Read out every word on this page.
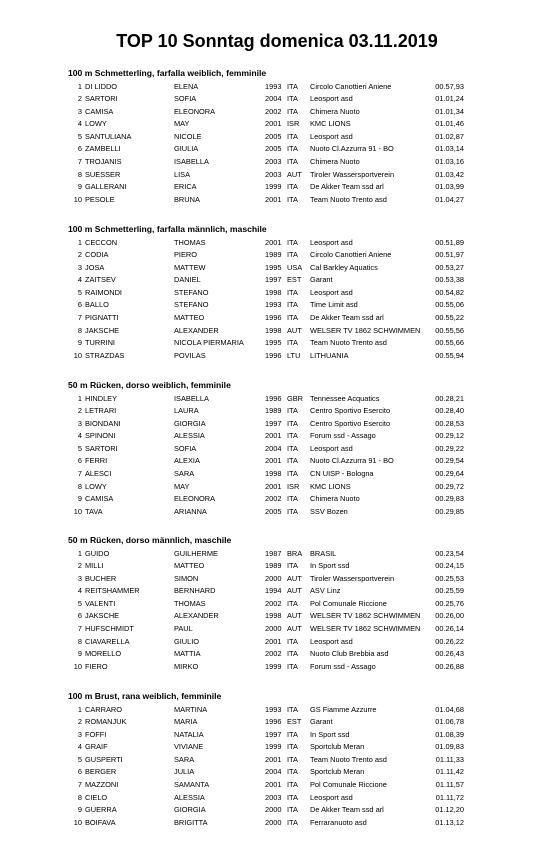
TOP 10 Sonntag domenica 03.11.2019
100 m Schmetterling, farfalla weiblich, femminile
1 DI LIDDO	ELENA	1993 ITA Circolo Canottieri Aniene	00.57,93
2 SARTORI	SOFIA	2004 ITA Leosport asd	01.01,24
3 CAMISA	ELEONORA	2002 ITA Chimera Nuoto	01.01,34
4 LOWY	MAY	2001 ISR KMC LIONS	01.01,46
5 SANTULIANA	NICOLE	2005 ITA Leosport asd	01.02,87
6 ZAMBELLI	GIULIA	2005 ITA Nuoto Cl.Azzurra 91 - BO	01.03,14
7 TROJANIS	ISABELLA	2003 ITA Chimera Nuoto	01.03,16
8 SUESSER	LISA	2003 AUT Tiroler Wassersportverein	01.03,42
9 GALLERANI	ERICA	1999 ITA De Akker Team ssd arl	01.03,99
10 PESOLE	BRUNA	2001 ITA Team Nuoto Trento asd	01.04,27
100 m Schmetterling, farfalla männlich, maschile
1 CECCON	THOMAS	2001 ITA Leosport asd	00.51,89
2 CODIA	PIERO	1989 ITA Circolo Canottieri Aniene	00.51,97
3 JOSA	MATTEW	1995 USA Cal Barkley Aquatics	00.53,27
4 ZAITSEV	DANIEL	1997 EST Garant	00.53,38
5 RAIMONDI	STEFANO	1998 ITA Leosport asd	00.54,82
6 BALLO	STEFANO	1993 ITA Time Limit asd	00.55,06
7 PIGNATTI	MATTEO	1996 ITA De Akker Team ssd arl	00.55,22
8 JAKSCHE	ALEXANDER	1998 AUT WELSER TV 1862 SCHWIMMEN	00.55,56
9 TURRINI	NICOLA PIERMARIA	1995 ITA Team Nuoto Trento asd	00.55,66
10 STRAZDAS	POVILAS	1996 LTU LITHUANIA	00.55,94
50 m Rücken, dorso weiblich, femminile
1 HINDLEY	ISABELLA	1996 GBR Tennessee Acquatics	00.28,21
2 LETRARI	LAURA	1989 ITA Centro Sportivo Esercito	00.28,40
3 BIONDANI	GIORGIA	1997 ITA Centro Sportivo Esercito	00.28,53
4 SPINONI	ALESSIA	2001 ITA Forum ssd - Assago	00.29,12
5 SARTORI	SOFIA	2004 ITA Leosport asd	00.29,22
6 FERRI	ALEXIA	2001 ITA Nuoto Cl.Azzurra 91 - BO	00.29,54
7 ALESCI	SARA	1998 ITA CN UISP - Bologna	00.29,64
8 LOWY	MAY	2001 ISR KMC LIONS	00.29,72
9 CAMISA	ELEONORA	2002 ITA Chimera Nuoto	00.29,83
10 TAVA	ARIANNA	2005 ITA SSV Bozen	00.29,85
50 m Rücken, dorso männlich, maschile
1 GUIDO	GUILHERME	1987 BRA BRASIL	00.23,54
2 MILLI	MATTEO	1989 ITA In Sport ssd	00.24,15
3 BUCHER	SIMON	2000 AUT Tiroler Wassersportverein	00.25,53
4 REITSHAMMER	BERNHARD	1994 AUT ASV Linz	00.25,59
5 VALENTI	THOMAS	2002 ITA Pol Comunale Riccione	00.25,76
6 JAKSCHE	ALEXANDER	1998 AUT WELSER TV 1862 SCHWIMMEN	00.26,00
7 HUFSCHMIDT	PAUL	2000 AUT WELSER TV 1862 SCHWIMMEN	00.26,14
8 CIAVARELLA	GIULIO	2001 ITA Leosport asd	00.26,22
9 MORELLO	MATTIA	2002 ITA Nuoto Club Brebbia asd	00.26,43
10 FIERO	MIRKO	1999 ITA Forum ssd - Assago	00.26,88
100 m Brust, rana weiblich, femminile
1 CARRARO	MARTINA	1993 ITA GS Fiamme Azzurre	01.04,68
2 ROMANJUK	MARIA	1996 EST Garant	01.06,78
3 FOFFI	NATALIA	1997 ITA In Sport ssd	01.08,39
4 GRAIF	VIVIANE	1999 ITA Sportclub Meran	01.09,83
5 GUSPERTI	SARA	2001 ITA Team Nuoto Trento asd	01.11,33
6 BERGER	JULIA	2004 ITA Sportclub Meran	01.11,42
7 MAZZONI	SAMANTA	2001 ITA Pol Comunale Riccione	01.11,57
8 CIELO	ALESSIA	2003 ITA Leosport asd	01.11,72
9 GUERRA	GIORGIA	2000 ITA De Akker Team ssd arl	01.12,20
10 BOIFAVA	BRIGITTA	2000 ITA Ferraranuoto asd	01.13,12
